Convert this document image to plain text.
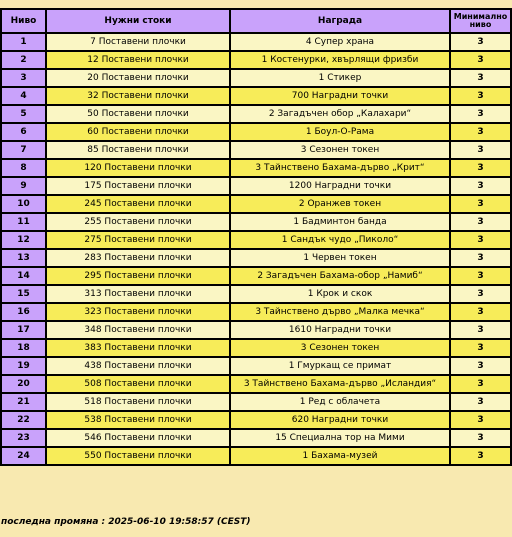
Ниво	Нужни стоки	Награда	Минимално ниво
1	7 Поставени плочки	4 Супер храна	3
2	12 Поставени плочки	1 Костенурки, хвърлящи фризби	3
3	20 Поставени плочки	1 Стикер	3
4	32 Поставени плочки	700 Наградни точки	3
5	50 Поставени плочки	2 Загадъчен обор „Калахари“	3
6	60 Поставени плочки	1 Боул-О-Рама	3
7	85 Поставени плочки	3 Сезонен токен	3
8	120 Поставени плочки	3 Тайнствено Бахама-дърво „Крит“	3
9	175 Поставени плочки	1200 Наградни точки	3
10	245 Поставени плочки	2 Оранжев токен	3
11	255 Поставени плочки	1 Бадминтон банда	3
12	275 Поставени плочки	1 Сандък чудо „Пиколо“	3
13	283 Поставени плочки	1 Червен токен	3
14	295 Поставени плочки	2 Загадъчен Бахама-обор „Намиб“	3
15	313 Поставени плочки	1 Крок и скок	3
16	323 Поставени плочки	3 Тайнствено дърво „Малка мечка“	3
17	348 Поставени плочки	1610 Наградни точки	3
18	383 Поставени плочки	3 Сезонен токен	3
19	438 Поставени плочки	1 Гмуркащ се примат	3
20	508 Поставени плочки	3 Тайнствено Бахама-дърво „Исландия“	3
21	518 Поставени плочки	1 Ред с облачета	3
22	538 Поставени плочки	620 Наградни точки	3
23	546 Поставени плочки	15 Специална тор на Мими	3
24	550 Поставени плочки	1 Бахама-музей	3
последна промяна : 2025-06-10 19:58:57 (CEST)
